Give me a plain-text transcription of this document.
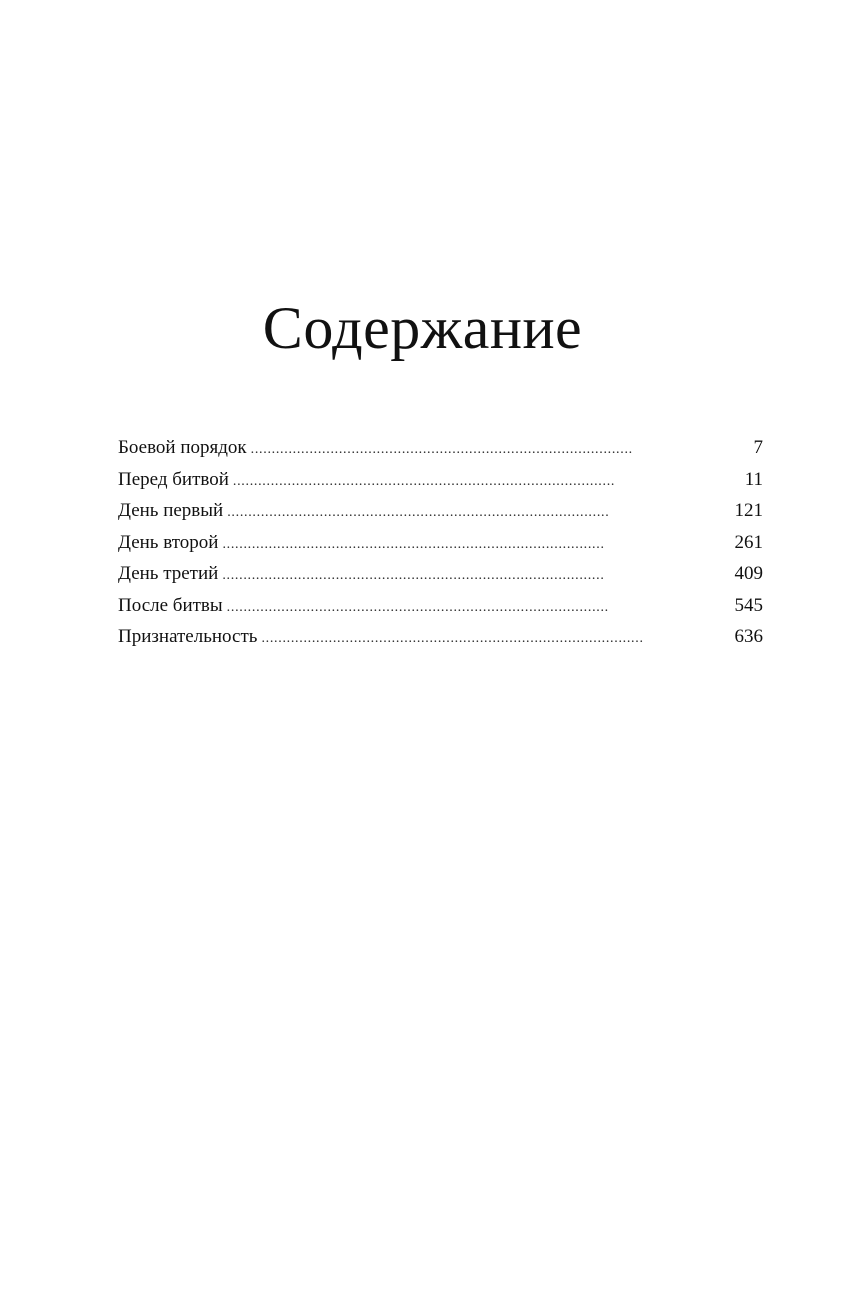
Содержание
Боевой порядок . . .	7
Перед битвой . . .	11
День первый . . .	121
День второй . . .	261
День третий . . .	409
После битвы . . .	545
Признательность . . .	636
